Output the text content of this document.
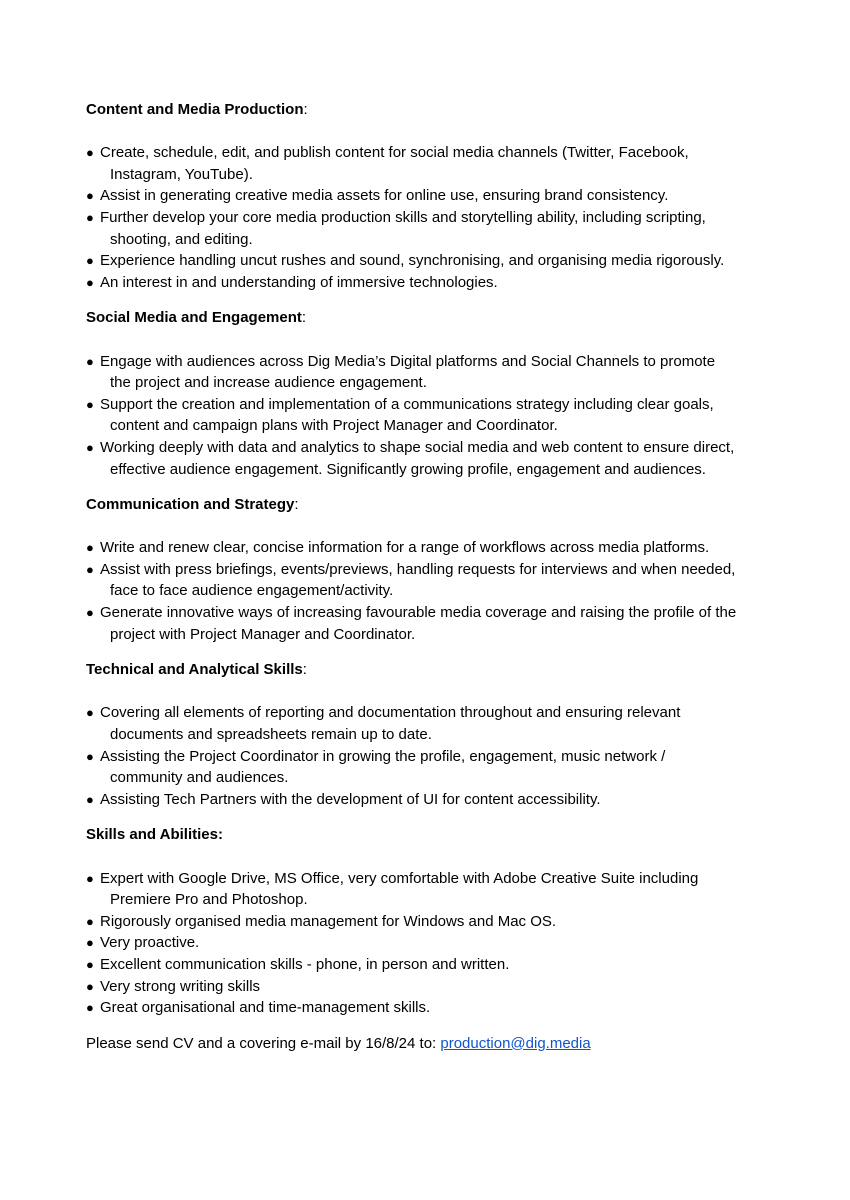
Content and Media Production:
● Create, schedule, edit, and publish content for social media channels (Twitter, Facebook,
Instagram, YouTube).
● Assist in generating creative media assets for online use, ensuring brand consistency.
● Further develop your core media production skills and storytelling ability, including scripting,
shooting, and editing.
● Experience handling uncut rushes and sound, synchronising, and organising media rigorously.
● An interest in and understanding of immersive technologies.
Social Media and Engagement:
● Engage with audiences across Dig Media’s Digital platforms and Social Channels to promote
the project and increase audience engagement.
● Support the creation and implementation of a communications strategy including clear goals,
content and campaign plans with Project Manager and Coordinator.
● Working deeply with data and analytics to shape social media and web content to ensure direct,
effective audience engagement. Significantly growing profile, engagement and audiences.
Communication and Strategy:
● Write and renew clear, concise information for a range of workflows across media platforms.
● Assist with press briefings, events/previews, handling requests for interviews and when needed,
face to face audience engagement/activity.
● Generate innovative ways of increasing favourable media coverage and raising the profile of the
project with Project Manager and Coordinator.
Technical and Analytical Skills:
● Covering all elements of reporting and documentation throughout and ensuring relevant
documents and spreadsheets remain up to date.
● Assisting the Project Coordinator in growing the profile, engagement, music network /
community and audiences.
● Assisting Tech Partners with the development of UI for content accessibility.
Skills and Abilities:
● Expert with Google Drive, MS Office, very comfortable with Adobe Creative Suite including
Premiere Pro and Photoshop.
● Rigorously organised media management for Windows and Mac OS.
● Very proactive.
● Excellent communication skills - phone, in person and written.
● Very strong writing skills
● Great organisational and time-management skills.
Please send CV and a covering e-mail by 16/8/24 to: production@dig.media
